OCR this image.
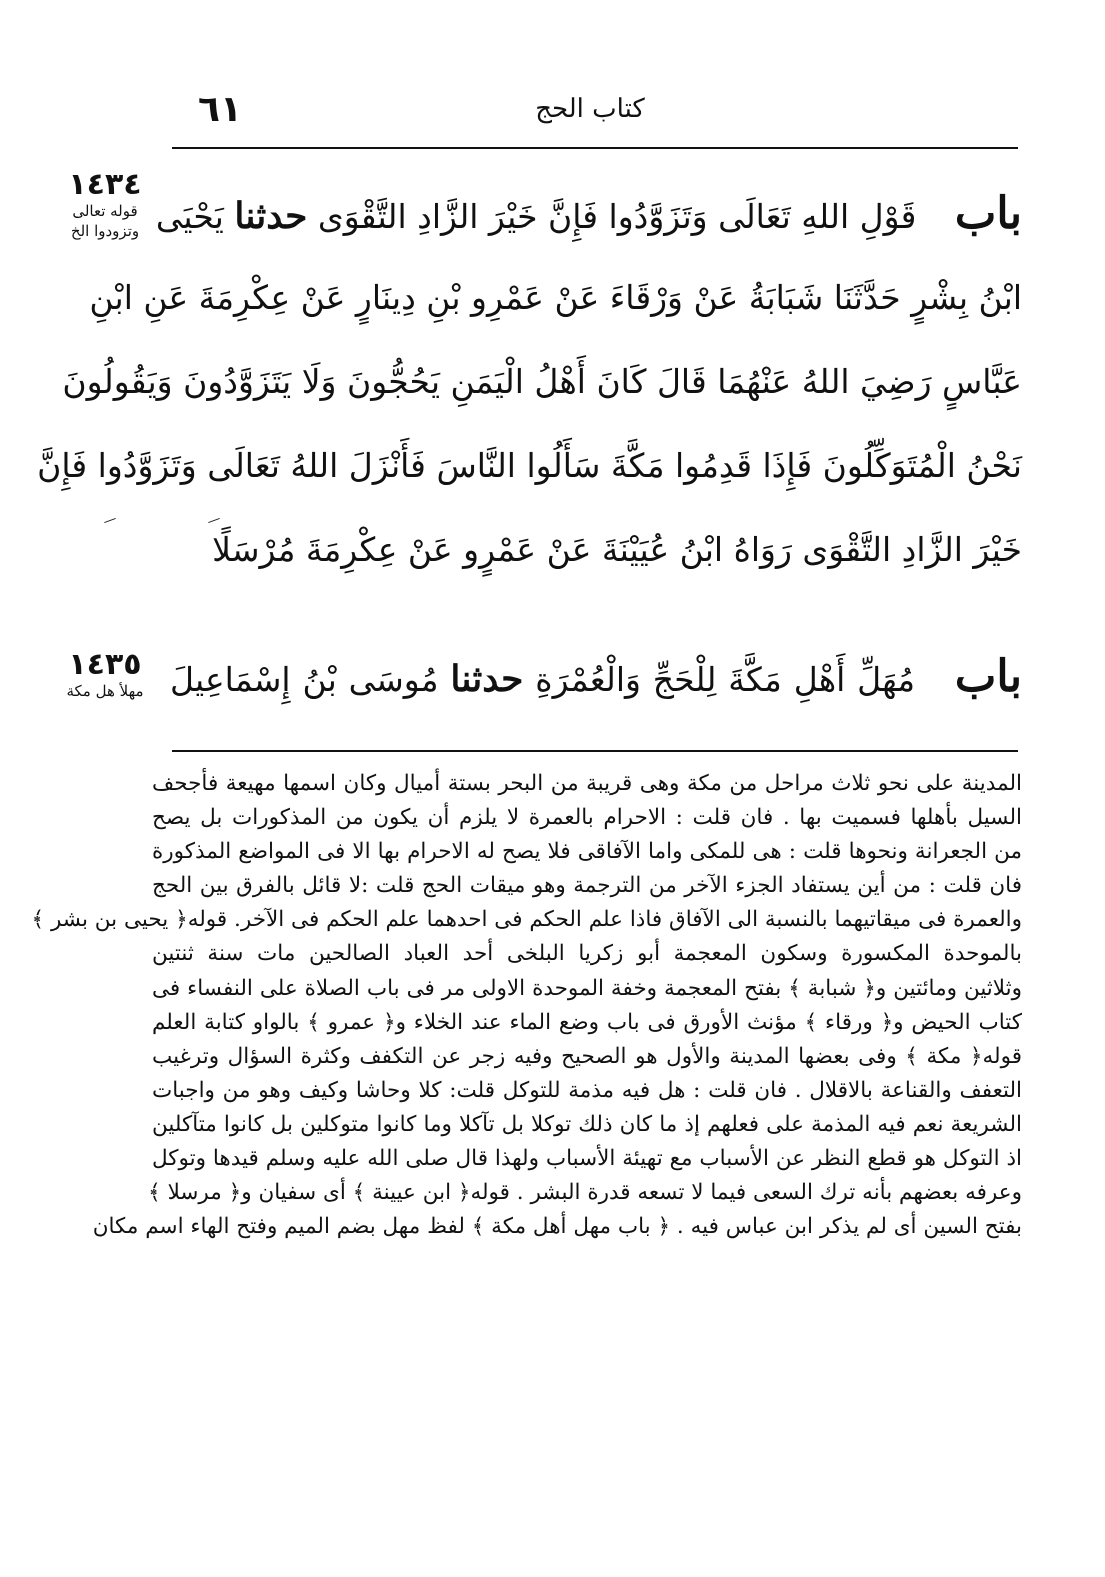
٦١	كتاب الحج
١٤٣٤
قوله تعالى
وتزودوا الخ
١٤٣٥
مهلأ هل مكة
باب قَوْلِ اللهِ تَعَالَى وَتَزَوَّدُوا فَإِنَّ خَيْرَ الزَّادِ التَّقْوَى حدثنا يَحْيَى
ابْنُ بِشْرٍ حَدَّثَنَا شَبَابَةُ عَنْ وَرْقَاءَ عَنْ عَمْرِو بْنِ دِينَارٍ عَنْ عِكْرِمَةَ عَنِ ابْنِ
عَبَّاسٍ رَضِيَ اللهُ عَنْهُمَا قَالَ كَانَ أَهْلُ الْيَمَنِ يَحُجُّونَ وَلَا يَتَزَوَّدُونَ وَيَقُولُونَ
نَحْنُ الْمُتَوَكِّلُونَ فَإِذَا قَدِمُوا مَكَّةَ سَأَلُوا النَّاسَ فَأَنْزَلَ اللهُ تَعَالَى وَتَزَوَّدُوا فَإِنَّ
خَيْرَ الزَّادِ التَّقْوَى رَوَاهُ ابْنُ عُيَيْنَةَ عَنْ عَمْرٍو عَنْ عِكْرِمَةَ مُرْسَلًا
باب مُهَلِّ أَهْلِ مَكَّةَ لِلْحَجِّ وَالْعُمْرَةِ حدثنا مُوسَى بْنُ إِسْمَاعِيلَ
المدينة على نحو ثلاث مراحل من مكة وهى قريبة من البحر بستة أميال وكان اسمها مهيعة فأجحف
السيل بأهلها فسميت بها . فان قلت : الاحرام بالعمرة لا يلزم أن يكون من المذكورات بل يصح
من الجعرانة ونحوها قلت : هى للمكى واما الآفاقى فلا يصح له الاحرام بها الا فى المواضع المذكورة
فان قلت : من أين يستفاد الجزء الآخر من الترجمة وهو ميقات الحج قلت :لا قائل بالفرق بين الحج
والعمرة فى ميقاتيهما بالنسبة الى الآفاق فاذا علم الحكم فى احدهما علم الحكم فى الآخر. قوله﴿ يحيى بن بشر ﴾
بالموحدة المكسورة وسكون المعجمة أبو زكريا البلخى أحد العباد الصالحين مات سنة ثنتين
وثلاثين ومائتين و﴿ شبابة ﴾ بفتح المعجمة وخفة الموحدة الاولى مر فى باب الصلاة على النفساء فى
كتاب الحيض و﴿ ورقاء ﴾ مؤنث الأورق فى باب وضع الماء عند الخلاء و﴿ عمرو ﴾ بالواو كتابة العلم
قوله﴿ مكة ﴾ وفى بعضها المدينة والأول هو الصحيح وفيه زجر عن التكفف وكثرة السؤال وترغيب
التعفف والقناعة بالاقلال . فان قلت : هل فيه مذمة للتوكل قلت: كلا وحاشا وكيف وهو من واجبات
الشريعة نعم فيه المذمة على فعلهم إذ ما كان ذلك توكلا بل تآكلا وما كانوا متوكلين بل كانوا متآكلين
اذ التوكل هو قطع النظر عن الأسباب مع تهيئة الأسباب ولهذا قال صلى الله عليه وسلم قيدها وتوكل
وعرفه بعضهم بأنه ترك السعى فيما لا تسعه قدرة البشر . قوله﴿ ابن عيينة ﴾ أى سفيان و﴿ مرسلا ﴾
بفتح السين أى لم يذكر ابن عباس فيه . ﴿ باب مهل أهل مكة ﴾ لفظ مهل بضم الميم وفتح الهاء اسم مكان
